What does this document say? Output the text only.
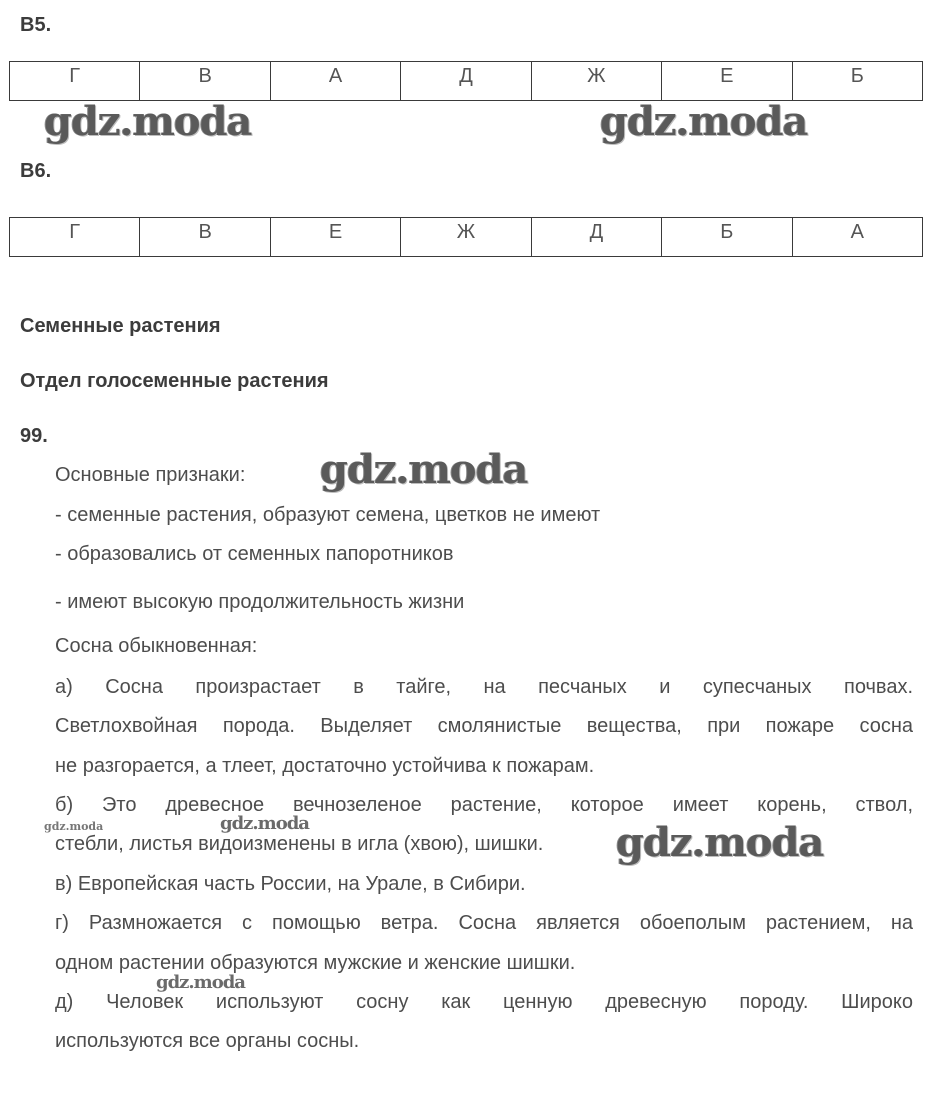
B5.
Г	В	А	Д	Ж	Е	Б
gdz.moda	gdz.moda
B6.
Г	В	Е	Ж	Д	Б	А
Семенные растения
Отдел голосеменные растения
99.
Основные признаки: gdz.moda
- семенные растения, образуют семена, цветков не имеют
- образовались от семенных папоротников
- имеют высокую продолжительность жизни
Сосна обыкновенная:
а) Сосна произрастает в тайге, на песчаных и супесчаных почвах.
Светлохвойная порода. Выделяет смолянистые вещества, при пожаре сосна
не разгорается, а тлеет, достаточно устойчива к пожарам.
б) Это древесное вечнозеленое растение, которое имеет корень, ствол,
стебли, листья видоизменены в игла (хвою), шишки.
в) Европейская часть России, на Урале, в Сибири.
г) Размножается с помощью ветра. Сосна является обоеполым растением, на
одном растении образуются мужские и женские шишки.
д) Человек используют сосну как ценную древесную породу. Широко
используются все органы сосны.
gdz.moda	gdz.moda	gdz.moda
gdz.moda
